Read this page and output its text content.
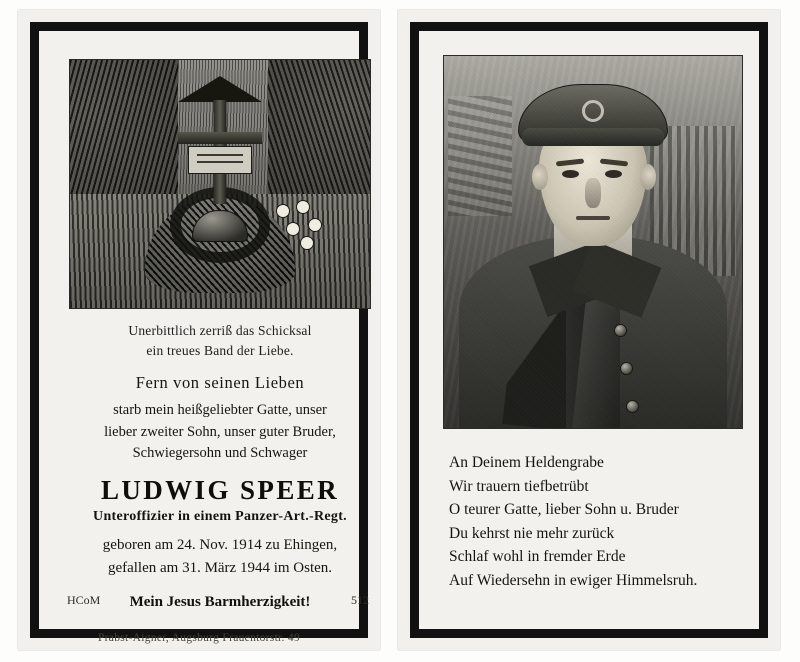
Unerbittlich zerriß das Schicksal
ein treues Band der Liebe.
Fern von seinen Lieben
starb mein heißgeliebter Gatte, unser
lieber zweiter Sohn, unser guter Bruder,
Schwiegersohn und Schwager
LUDWIG SPEER
Unteroffizier in einem Panzer-Art.-Regt.
geboren am 24. Nov. 1914 zu Ehingen,
gefallen am 31. März 1944 im Osten.
Mein Jesus Barmherzigkeit!
HCoM	512
Prabst-Aigner, Augsburg Frauentorstr. 49
An Deinem Heldengrabe
Wir trauern tiefbetrübt
O teurer Gatte, lieber Sohn u. Bruder
Du kehrst nie mehr zurück
Schlaf wohl in fremder Erde
Auf Wiedersehn in ewiger Himmelsruh.
